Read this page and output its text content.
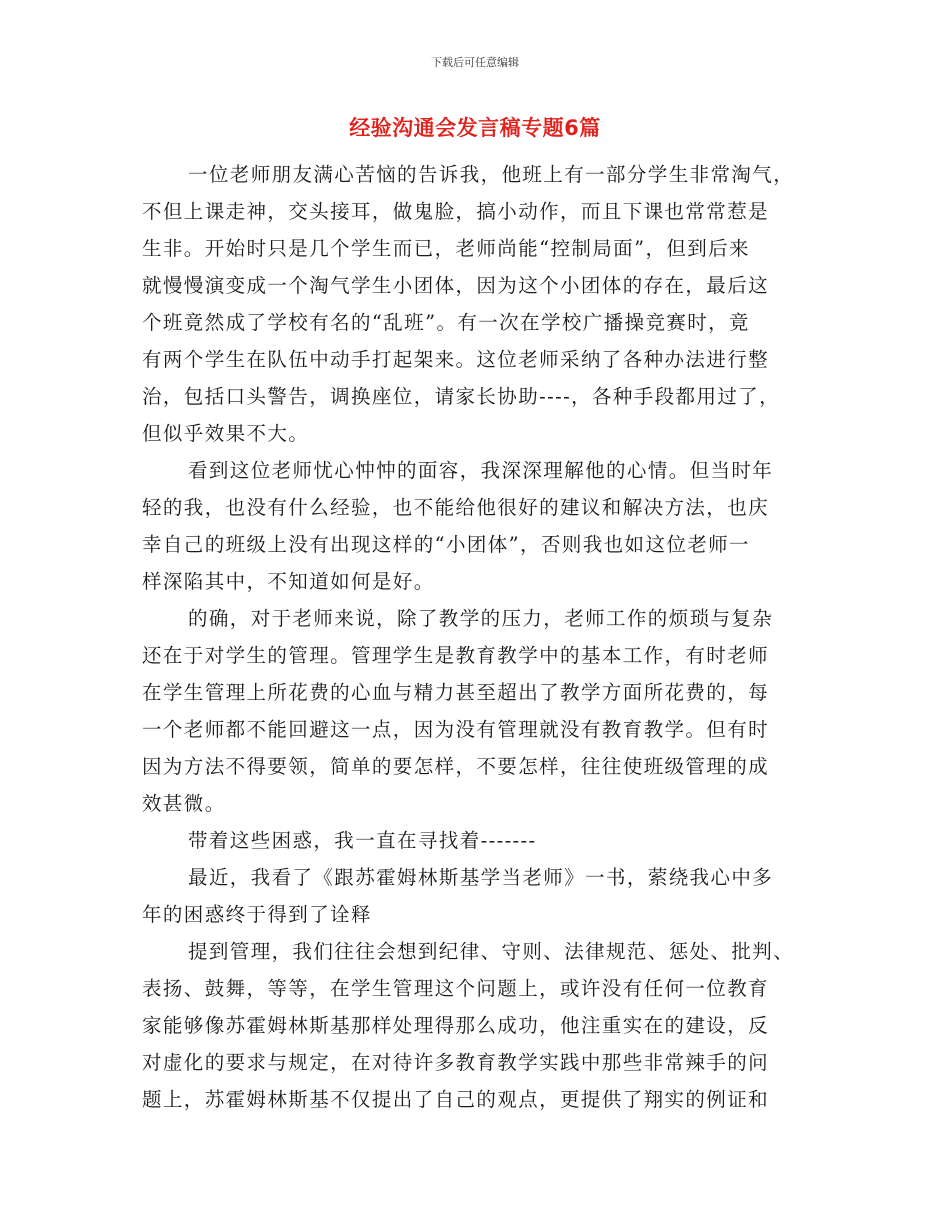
下载后可任意编辑
经验沟通会发言稿专题6篇
一位老师朋友满心苦恼的告诉我，他班上有一部分学生非常淘气，
不但上课走神，交头接耳，做鬼脸，搞小动作，而且下课也常常惹是
生非。开始时只是几个学生而已，老师尚能“控制局面”，但到后来
就慢慢演变成一个淘气学生小团体，因为这个小团体的存在，最后这
个班竟然成了学校有名的“乱班”。有一次在学校广播操竞赛时，竟
有两个学生在队伍中动手打起架来。这位老师采纳了各种办法进行整
治，包括口头警告，调换座位，请家长协助----，各种手段都用过了，
但似乎效果不大。
看到这位老师忧心忡忡的面容，我深深理解他的心情。但当时年
轻的我，也没有什么经验，也不能给他很好的建议和解决方法，也庆
幸自己的班级上没有出现这样的“小团体”，否则我也如这位老师一
样深陷其中，不知道如何是好。
的确，对于老师来说，除了教学的压力，老师工作的烦琐与复杂
还在于对学生的管理。管理学生是教育教学中的基本工作，有时老师
在学生管理上所花费的心血与精力甚至超出了教学方面所花费的，每
一个老师都不能回避这一点，因为没有管理就没有教育教学。但有时
因为方法不得要领，简单的要怎样，不要怎样，往往使班级管理的成
效甚微。
带着这些困惑，我一直在寻找着-------
最近，我看了《跟苏霍姆林斯基学当老师》一书，萦绕我心中多
年的困惑终于得到了诠释
提到管理，我们往往会想到纪律、守则、法律规范、惩处、批判、
表扬、鼓舞，等等，在学生管理这个问题上，或许没有任何一位教育
家能够像苏霍姆林斯基那样处理得那么成功，他注重实在的建设，反
对虚化的要求与规定，在对待许多教育教学实践中那些非常辣手的问
题上，苏霍姆林斯基不仅提出了自己的观点，更提供了翔实的例证和
